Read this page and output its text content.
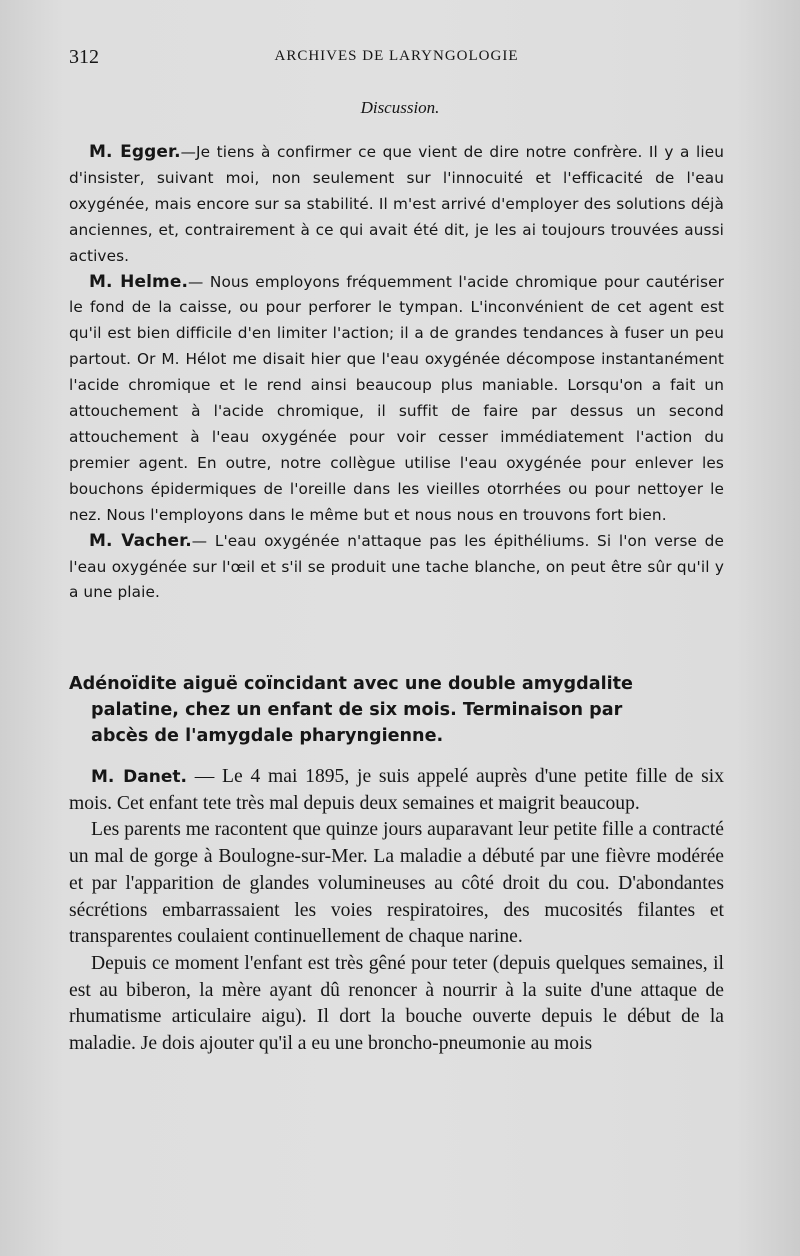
312	ARCHIVES DE LARYNGOLOGIE
Discussion.

M. Egger.—Je tiens à confirmer ce que vient de dire notre confrère. Il y a lieu d'insister, suivant moi, non seulement sur l'innocuité et l'efficacité de l'eau oxygénée, mais encore sur sa stabilité. Il m'est arrivé d'employer des solutions déjà anciennes, et, contrairement à ce qui avait été dit, je les ai toujours trouvées aussi actives.

M. Helme.— Nous employons fréquemment l'acide chromique pour cautériser le fond de la caisse, ou pour perforer le tympan. L'inconvénient de cet agent est qu'il est bien difficile d'en limiter l'action; il a de grandes tendances à fuser un peu partout. Or M. Hélot me disait hier que l'eau oxygénée décompose instantanément l'acide chromique et le rend ainsi beaucoup plus maniable. Lorsqu'on a fait un attouchement à l'acide chromique, il suffit de faire par dessus un second attouchement à l'eau oxygénée pour voir cesser immédiatement l'action du premier agent. En outre, notre collègue utilise l'eau oxygénée pour enlever les bouchons épidermiques de l'oreille dans les vieilles otorrhées ou pour nettoyer le nez. Nous l'employons dans le même but et nous nous en trouvons fort bien.

M. Vacher.— L'eau oxygénée n'attaque pas les épithéliums. Si l'on verse de l'eau oxygénée sur l'œil et s'il se produit une tache blanche, on peut être sûr qu'il y a une plaie.

Adénoïdite aiguë coïncidant avec une double amygdalite
palatine, chez un enfant de six mois. Terminaison par
abcès de l'amygdale pharyngienne.

M. Danet. — Le 4 mai 1895, je suis appelé auprès d'une petite fille de six mois. Cet enfant tete très mal depuis deux semaines et maigrit beaucoup.

Les parents me racontent que quinze jours auparavant leur petite fille a contracté un mal de gorge à Boulogne-sur-Mer. La maladie a débuté par une fièvre modérée et par l'apparition de glandes volumineuses au côté droit du cou. D'abondantes sécrétions embarrassaient les voies respiratoires, des mucosités filantes et transparentes coulaient continuellement de chaque narine.

Depuis ce moment l'enfant est très gêné pour teter (depuis quelques semaines, il est au biberon, la mère ayant dû renoncer à nourrir à la suite d'une attaque de rhumatisme articulaire aigu). Il dort la bouche ouverte depuis le début de la maladie. Je dois ajouter qu'il a eu une broncho-pneumonie au mois
